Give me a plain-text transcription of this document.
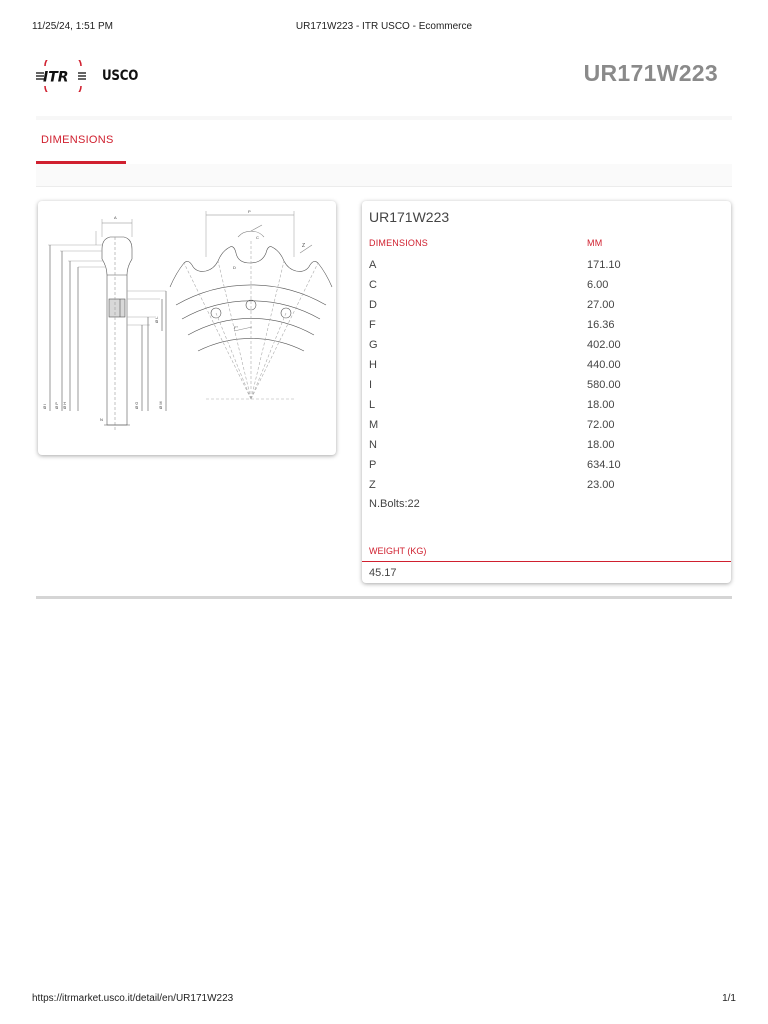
11/25/24, 1:51 PM	UR171W223 - ITR USCO - Ecommerce
ITR USCO	UR171W223
DIMENSIONS
Ø I Ø P Ø H	Ø G	Ø M
Ø L
A
N
P
C
D
Z
F°
UR171W223
DIMENSIONS	MM
A	171.10
C	6.00
D	27.00
F	16.36
G	402.00
H	440.00
I	580.00
L	18.00
M	72.00
N	18.00
P	634.10
Z	23.00
N.Bolts:22
WEIGHT (KG)
45.17
https://itrmarket.usco.it/detail/en/UR171W223	1/1
